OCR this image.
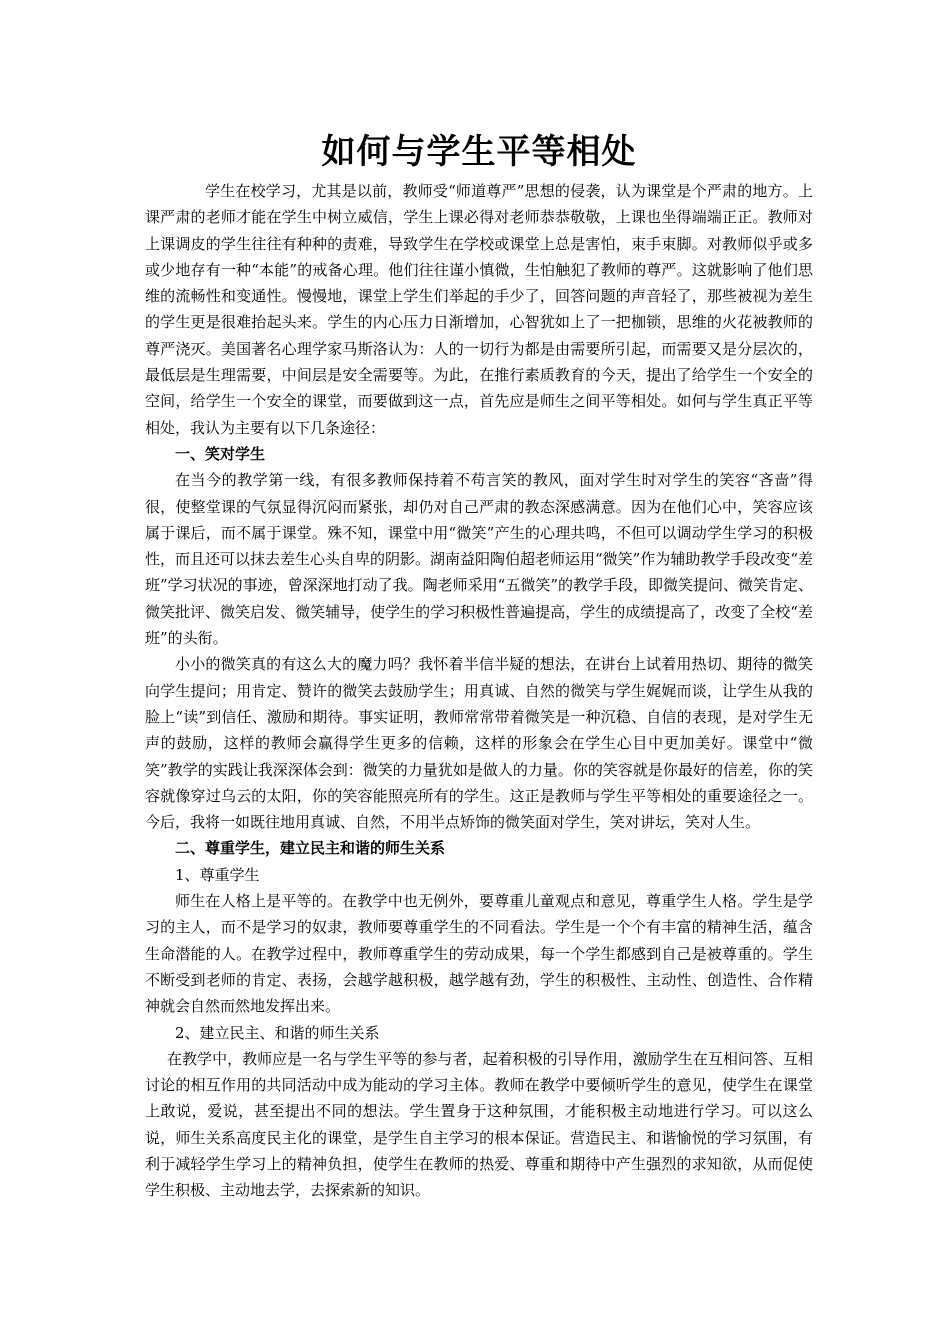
如何与学生平等相处

学生在校学习，尤其是以前，教师受“师道尊严”思想的侵袭，认为课堂是个严肃的地方。上课严肃的老师才能在学生中树立威信，学生上课必得对老师恭恭敬敬，上课也坐得端端正正。教师对上课调皮的学生往往有种种的责难，导致学生在学校或课堂上总是害怕，束手束脚。对教师似乎或多或少地存有一种“本能”的戒备心理。他们往往谨小慎微，生怕触犯了教师的尊严。这就影响了他们思维的流畅性和变通性。慢慢地，课堂上学生们举起的手少了，回答问题的声音轻了，那些被视为差生的学生更是很难抬起头来。学生的内心压力日渐增加，心智犹如上了一把枷锁，思维的火花被教师的尊严浇灭。美国著名心理学家马斯洛认为：人的一切行为都是由需要所引起，而需要又是分层次的，最低层是生理需要，中间层是安全需要等。为此，在推行素质教育的今天，提出了给学生一个安全的空间，给学生一个安全的课堂，而要做到这一点，首先应是师生之间平等相处。如何与学生真正平等相处，我认为主要有以下几条途径：

一、笑对学生

在当今的教学第一线，有很多教师保持着不苟言笑的教风，面对学生时对学生的笑容“吝啬”得很，使整堂课的气氛显得沉闷而紧张，却仍对自己严肃的教态深感满意。因为在他们心中，笑容应该属于课后，而不属于课堂。殊不知，课堂中用“微笑”产生的心理共鸣，不但可以调动学生学习的积极性，而且还可以抹去差生心头自卑的阴影。湖南益阳陶伯超老师运用“微笑”作为辅助教学手段改变“差班”学习状况的事迹，曾深深地打动了我。陶老师采用“五微笑”的教学手段，即微笑提问、微笑肯定、微笑批评、微笑启发、微笑辅导，使学生的学习积极性普遍提高，学生的成绩提高了，改变了全校“差班”的头衔。

小小的微笑真的有这么大的魔力吗？我怀着半信半疑的想法，在讲台上试着用热切、期待的微笑向学生提问；用肯定、赞许的微笑去鼓励学生；用真诚、自然的微笑与学生娓娓而谈，让学生从我的脸上“读”到信任、激励和期待。事实证明，教师常常带着微笑是一种沉稳、自信的表现，是对学生无声的鼓励，这样的教师会赢得学生更多的信赖，这样的形象会在学生心目中更加美好。课堂中“微笑”教学的实践让我深深体会到：微笑的力量犹如是做人的力量。你的笑容就是你最好的信差，你的笑容就像穿过乌云的太阳，你的笑容能照亮所有的学生。这正是教师与学生平等相处的重要途径之一。今后，我将一如既往地用真诚、自然，不用半点矫饰的微笑面对学生，笑对讲坛，笑对人生。

二、尊重学生，建立民主和谐的师生关系

1、尊重学生

师生在人格上是平等的。在教学中也无例外，要尊重儿童观点和意见，尊重学生人格。学生是学习的主人，而不是学习的奴隶，教师要尊重学生的不同看法。学生是一个个有丰富的精神生活，蕴含生命潜能的人。在教学过程中，教师尊重学生的劳动成果，每一个学生都感到自己是被尊重的。学生不断受到老师的肯定、表扬，会越学越积极，越学越有劲，学生的积极性、主动性、创造性、合作精神就会自然而然地发挥出来。

2、建立民主、和谐的师生关系

在教学中，教师应是一名与学生平等的参与者，起着积极的引导作用，激励学生在互相问答、互相讨论的相互作用的共同活动中成为能动的学习主体。教师在教学中要倾听学生的意见，使学生在课堂上敢说，爱说，甚至提出不同的想法。学生置身于这种氛围，才能积极主动地进行学习。可以这么说，师生关系高度民主化的课堂，是学生自主学习的根本保证。营造民主、和谐愉悦的学习氛围，有利于减轻学生学习上的精神负担，使学生在教师的热爱、尊重和期待中产生强烈的求知欲，从而促使学生积极、主动地去学，去探索新的知识。
